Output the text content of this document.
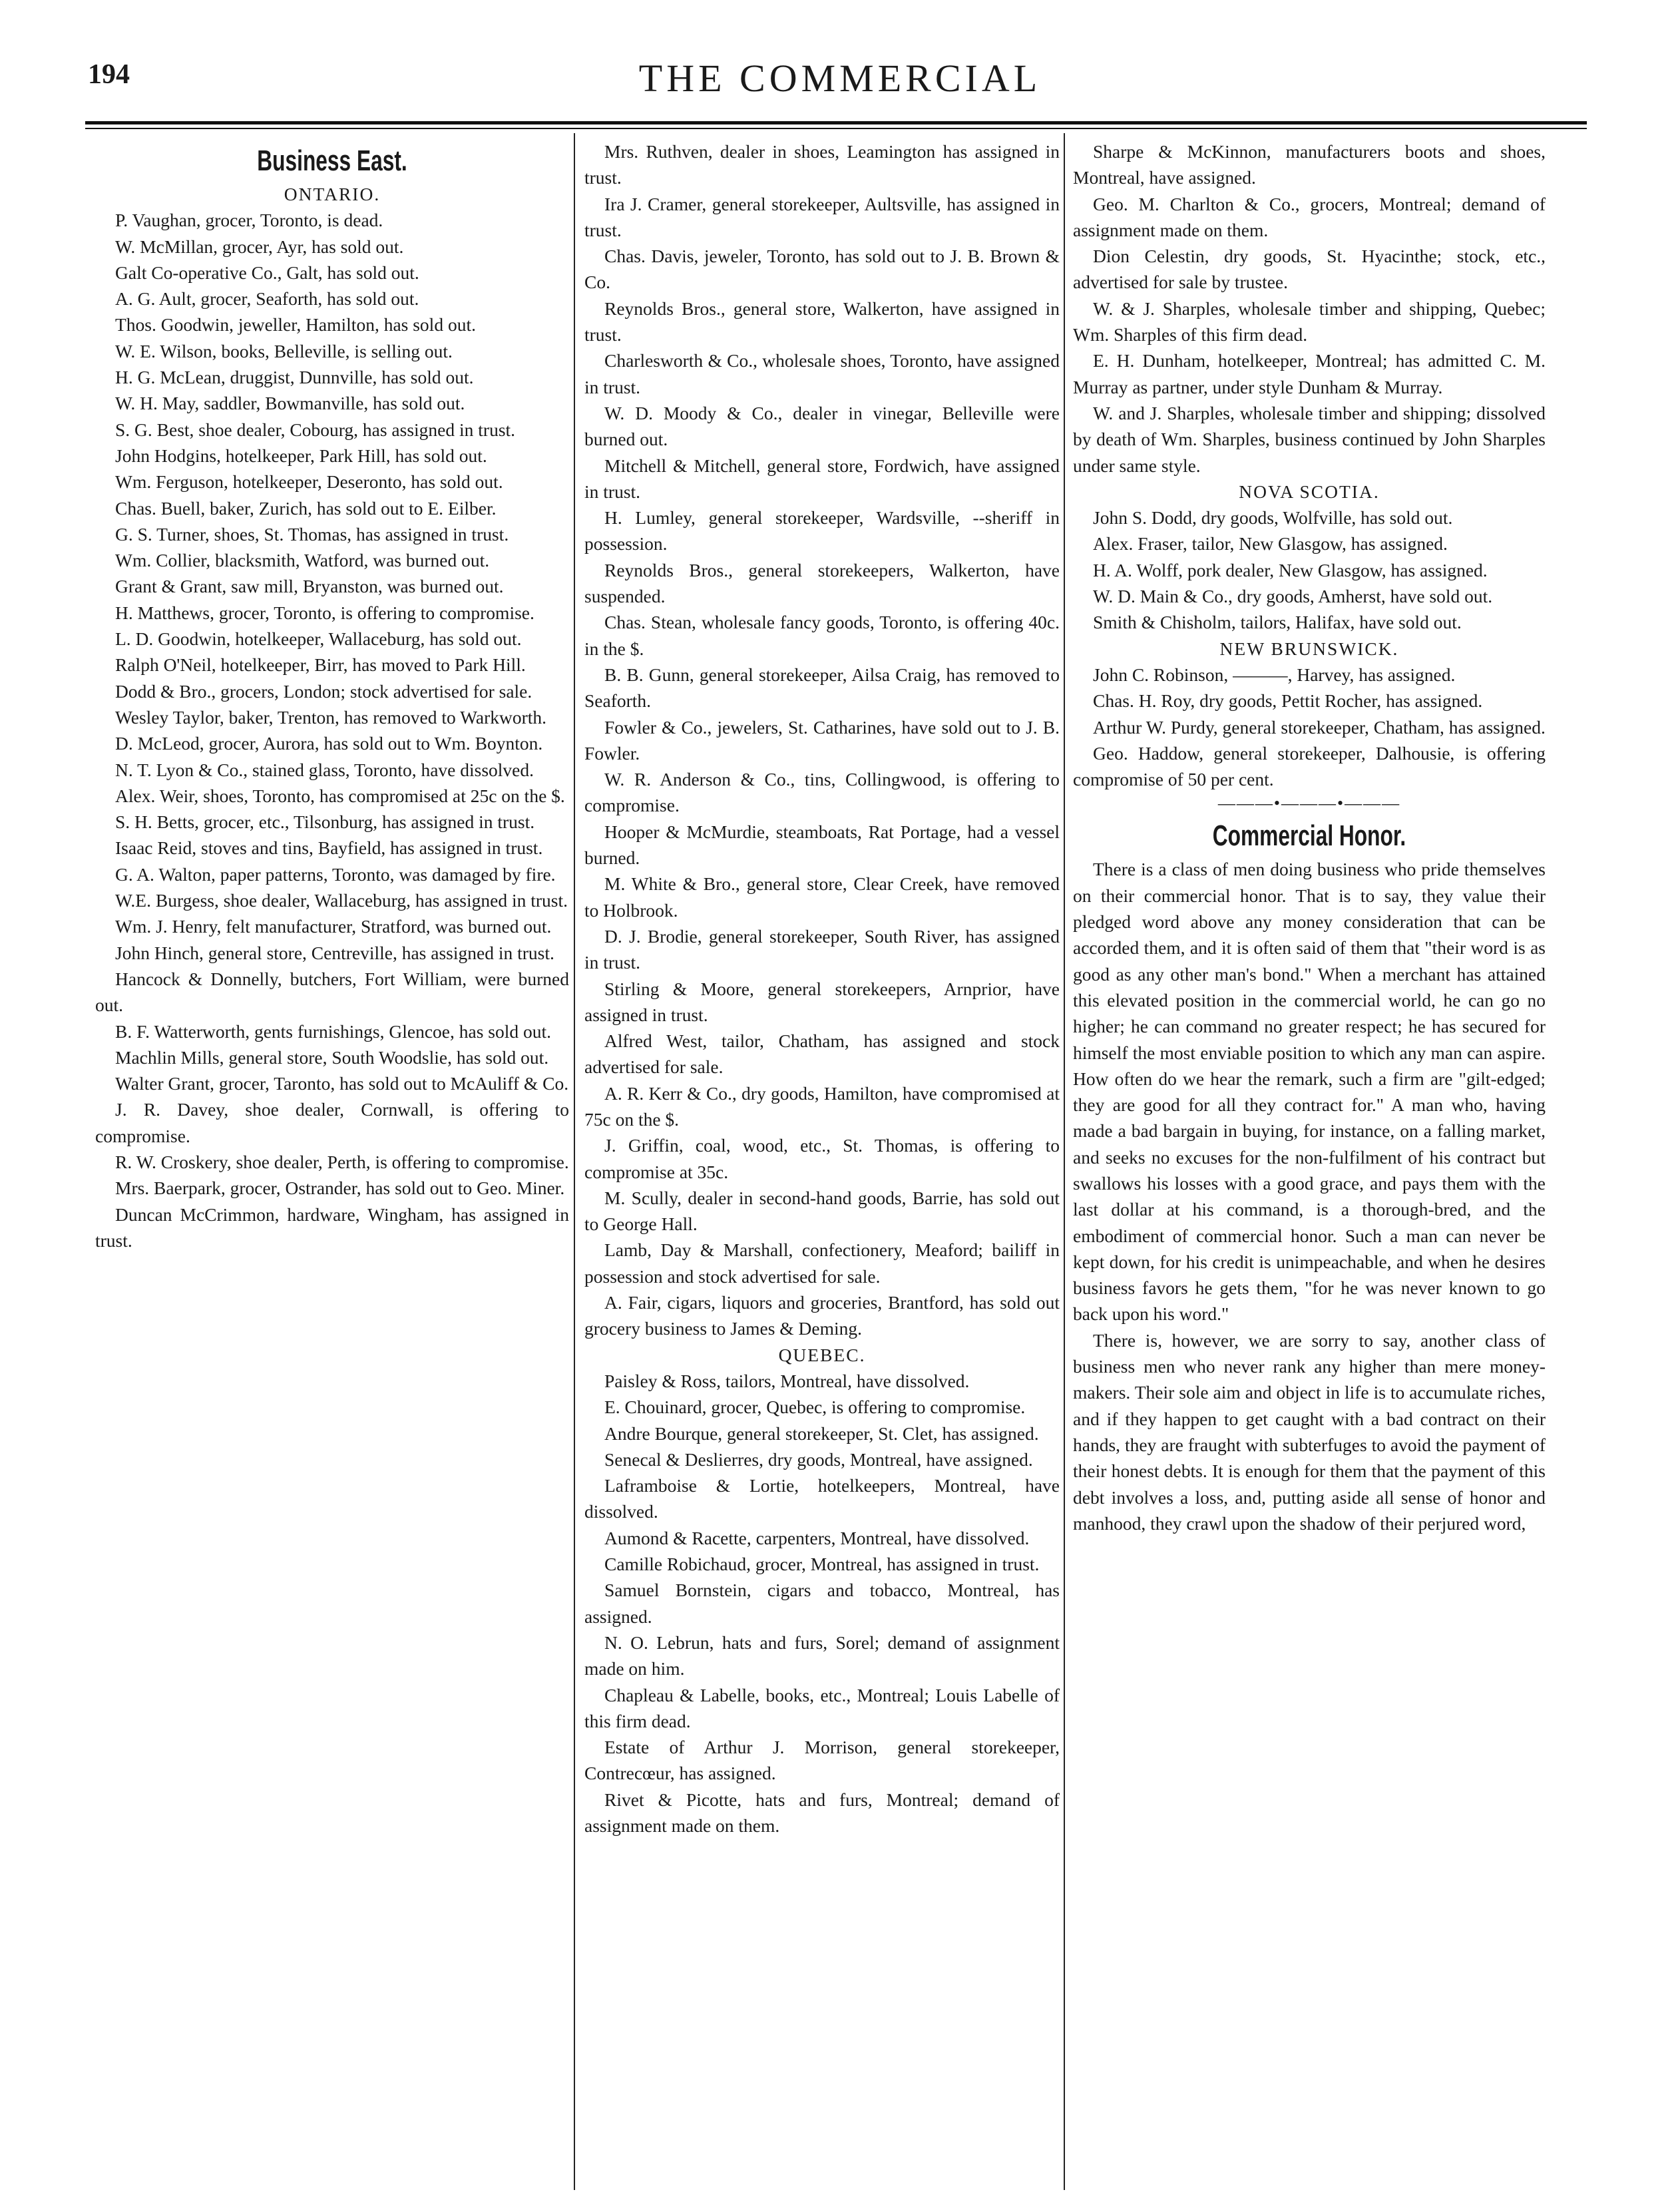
194	THE COMMERCIAL
Business East.
ONTARIO.

P. Vaughan, grocer, Toronto, is dead.

W. McMillan, grocer, Ayr, has sold out.

Galt Co-operative Co., Galt, has sold out.

A. G. Ault, grocer, Seaforth, has sold out.

Thos. Goodwin, jeweller, Hamilton, has sold out.

W. E. Wilson, books, Belleville, is selling out.

H. G. McLean, druggist, Dunnville, has sold out.

W. H. May, saddler, Bowmanville, has sold out.

S. G. Best, shoe dealer, Cobourg, has assigned in trust.

John Hodgins, hotelkeeper, Park Hill, has sold out.

Wm. Ferguson, hotelkeeper, Deseronto, has sold out.

Chas. Buell, baker, Zurich, has sold out to E. Eilber.

G. S. Turner, shoes, St. Thomas, has assigned in trust.

Wm. Collier, blacksmith, Watford, was burned out.

Grant & Grant, saw mill, Bryanston, was burned out.

H. Matthews, grocer, Toronto, is offering to compromise.

L. D. Goodwin, hotelkeeper, Wallaceburg, has sold out.

Ralph O'Neil, hotelkeeper, Birr, has moved to Park Hill.

Dodd & Bro., grocers, London; stock advertised for sale.

Wesley Taylor, baker, Trenton, has removed to Warkworth.

D. McLeod, grocer, Aurora, has sold out to Wm. Boynton.

N. T. Lyon & Co., stained glass, Toronto, have dissolved.

Alex. Weir, shoes, Toronto, has compromised at 25c on the $.

S. H. Betts, grocer, etc., Tilsonburg, has assigned in trust.

Isaac Reid, stoves and tins, Bayfield, has assigned in trust.

G. A. Walton, paper patterns, Toronto, was damaged by fire.

W.E. Burgess, shoe dealer, Wallaceburg, has assigned in trust.

Wm. J. Henry, felt manufacturer, Stratford, was burned out.

John Hinch, general store, Centreville, has assigned in trust.

Hancock & Donnelly, butchers, Fort William, were burned out.

B. F. Watterworth, gents furnishings, Glencoe, has sold out.

Machlin Mills, general store, South Woodslie, has sold out.

Walter Grant, grocer, Taronto, has sold out to McAuliff & Co.

J. R. Davey, shoe dealer, Cornwall, is offering to compromise.

R. W. Croskery, shoe dealer, Perth, is offering to compromise.

Mrs. Baerpark, grocer, Ostrander, has sold out to Geo. Miner.

Duncan McCrimmon, hardware, Wingham, has assigned in trust.

Mrs. Ruthven, dealer in shoes, Leamington has assigned in trust.

Ira J. Cramer, general storekeeper, Aultsville, has assigned in trust.

Chas. Davis, jeweler, Toronto, has sold out to J. B. Brown & Co.

Reynolds Bros., general store, Walkerton, have assigned in trust.

Charlesworth & Co., wholesale shoes, Toronto, have assigned in trust.

W. D. Moody & Co., dealer in vinegar, Belleville were burned out.

Mitchell & Mitchell, general store, Fordwich, have assigned in trust.

H. Lumley, general storekeeper, Wardsville, --sheriff in possession.

Reynolds Bros., general storekeepers, Walkerton, have suspended.

Chas. Stean, wholesale fancy goods, Toronto, is offering 40c. in the $.

B. B. Gunn, general storekeeper, Ailsa Craig, has removed to Seaforth.

Fowler & Co., jewelers, St. Catharines, have sold out to J. B. Fowler.

W. R. Anderson & Co., tins, Collingwood, is offering to compromise.

Hooper & McMurdie, steamboats, Rat Portage, had a vessel burned.

M. White & Bro., general store, Clear Creek, have removed to Holbrook.

D. J. Brodie, general storekeeper, South River, has assigned in trust.

Stirling & Moore, general storekeepers, Arnprior, have assigned in trust.

Alfred West, tailor, Chatham, has assigned and stock advertised for sale.

A. R. Kerr & Co., dry goods, Hamilton, have compromised at 75c on the $.

J. Griffin, coal, wood, etc., St. Thomas, is offering to compromise at 35c.

M. Scully, dealer in second-hand goods, Barrie, has sold out to George Hall.

Lamb, Day & Marshall, confectionery, Meaford; bailiff in possession and stock advertised for sale.

A. Fair, cigars, liquors and groceries, Brantford, has sold out grocery business to James & Deming.

QUEBEC.

Paisley & Ross, tailors, Montreal, have dissolved.

E. Chouinard, grocer, Quebec, is offering to compromise.

Andre Bourque, general storekeeper, St. Clet, has assigned.

Senecal & Deslierres, dry goods, Montreal, have assigned.

Laframboise & Lortie, hotelkeepers, Montreal, have dissolved.

Aumond & Racette, carpenters, Montreal, have dissolved.

Camille Robichaud, grocer, Montreal, has assigned in trust.

Samuel Bornstein, cigars and tobacco, Montreal, has assigned.

N. O. Lebrun, hats and furs, Sorel; demand of assignment made on him.

Chapleau & Labelle, books, etc., Montreal; Louis Labelle of this firm dead.

Estate of Arthur J. Morrison, general storekeeper, Contrecœur, has assigned.

Rivet & Picotte, hats and furs, Montreal; demand of assignment made on them.

Sharpe & McKinnon, manufacturers boots and shoes, Montreal, have assigned.

Geo. M. Charlton & Co., grocers, Montreal; demand of assignment made on them.

Dion Celestin, dry goods, St. Hyacinthe; stock, etc., advertised for sale by trustee.

W. & J. Sharples, wholesale timber and shipping, Quebec; Wm. Sharples of this firm dead.

E. H. Dunham, hotelkeeper, Montreal; has admitted C. M. Murray as partner, under style Dunham & Murray.

W. and J. Sharples, wholesale timber and shipping; dissolved by death of Wm. Sharples, business continued by John Sharples under same style.

NOVA SCOTIA.

John S. Dodd, dry goods, Wolfville, has sold out.

Alex. Fraser, tailor, New Glasgow, has assigned.

H. A. Wolff, pork dealer, New Glasgow, has assigned.

W. D. Main & Co., dry goods, Amherst, have sold out.

Smith & Chisholm, tailors, Halifax, have sold out.

NEW BRUNSWICK.

John C. Robinson, ———, Harvey, has assigned.

Chas. H. Roy, dry goods, Pettit Rocher, has assigned.

Arthur W. Purdy, general storekeeper, Chatham, has assigned.

Geo. Haddow, general storekeeper, Dalhousie, is offering compromise of 50 per cent.

———•———•———
Commercial Honor.

There is a class of men doing business who pride themselves on their commercial honor. That is to say, they value their pledged word above any money consideration that can be accorded them, and it is often said of them that "their word is as good as any other man's bond." When a merchant has attained this elevated position in the commercial world, he can go no higher; he can command no greater respect; he has secured for himself the most enviable position to which any man can aspire. How often do we hear the remark, such a firm are "gilt-edged; they are good for all they contract for." A man who, having made a bad bargain in buying, for instance, on a falling market, and seeks no excuses for the non-fulfilment of his contract but swallows his losses with a good grace, and pays them with the last dollar at his command, is a thorough-bred, and the embodiment of commercial honor. Such a man can never be kept down, for his credit is unimpeachable, and when he desires business favors he gets them, "for he was never known to go back upon his word."

There is, however, we are sorry to say, another class of business men who never rank any higher than mere money-makers. Their sole aim and object in life is to accumulate riches, and if they happen to get caught with a bad contract on their hands, they are fraught with subterfuges to avoid the payment of their honest debts. It is enough for them that the payment of this debt involves a loss, and, putting aside all sense of honor and manhood, they crawl upon the shadow of their perjured word,
